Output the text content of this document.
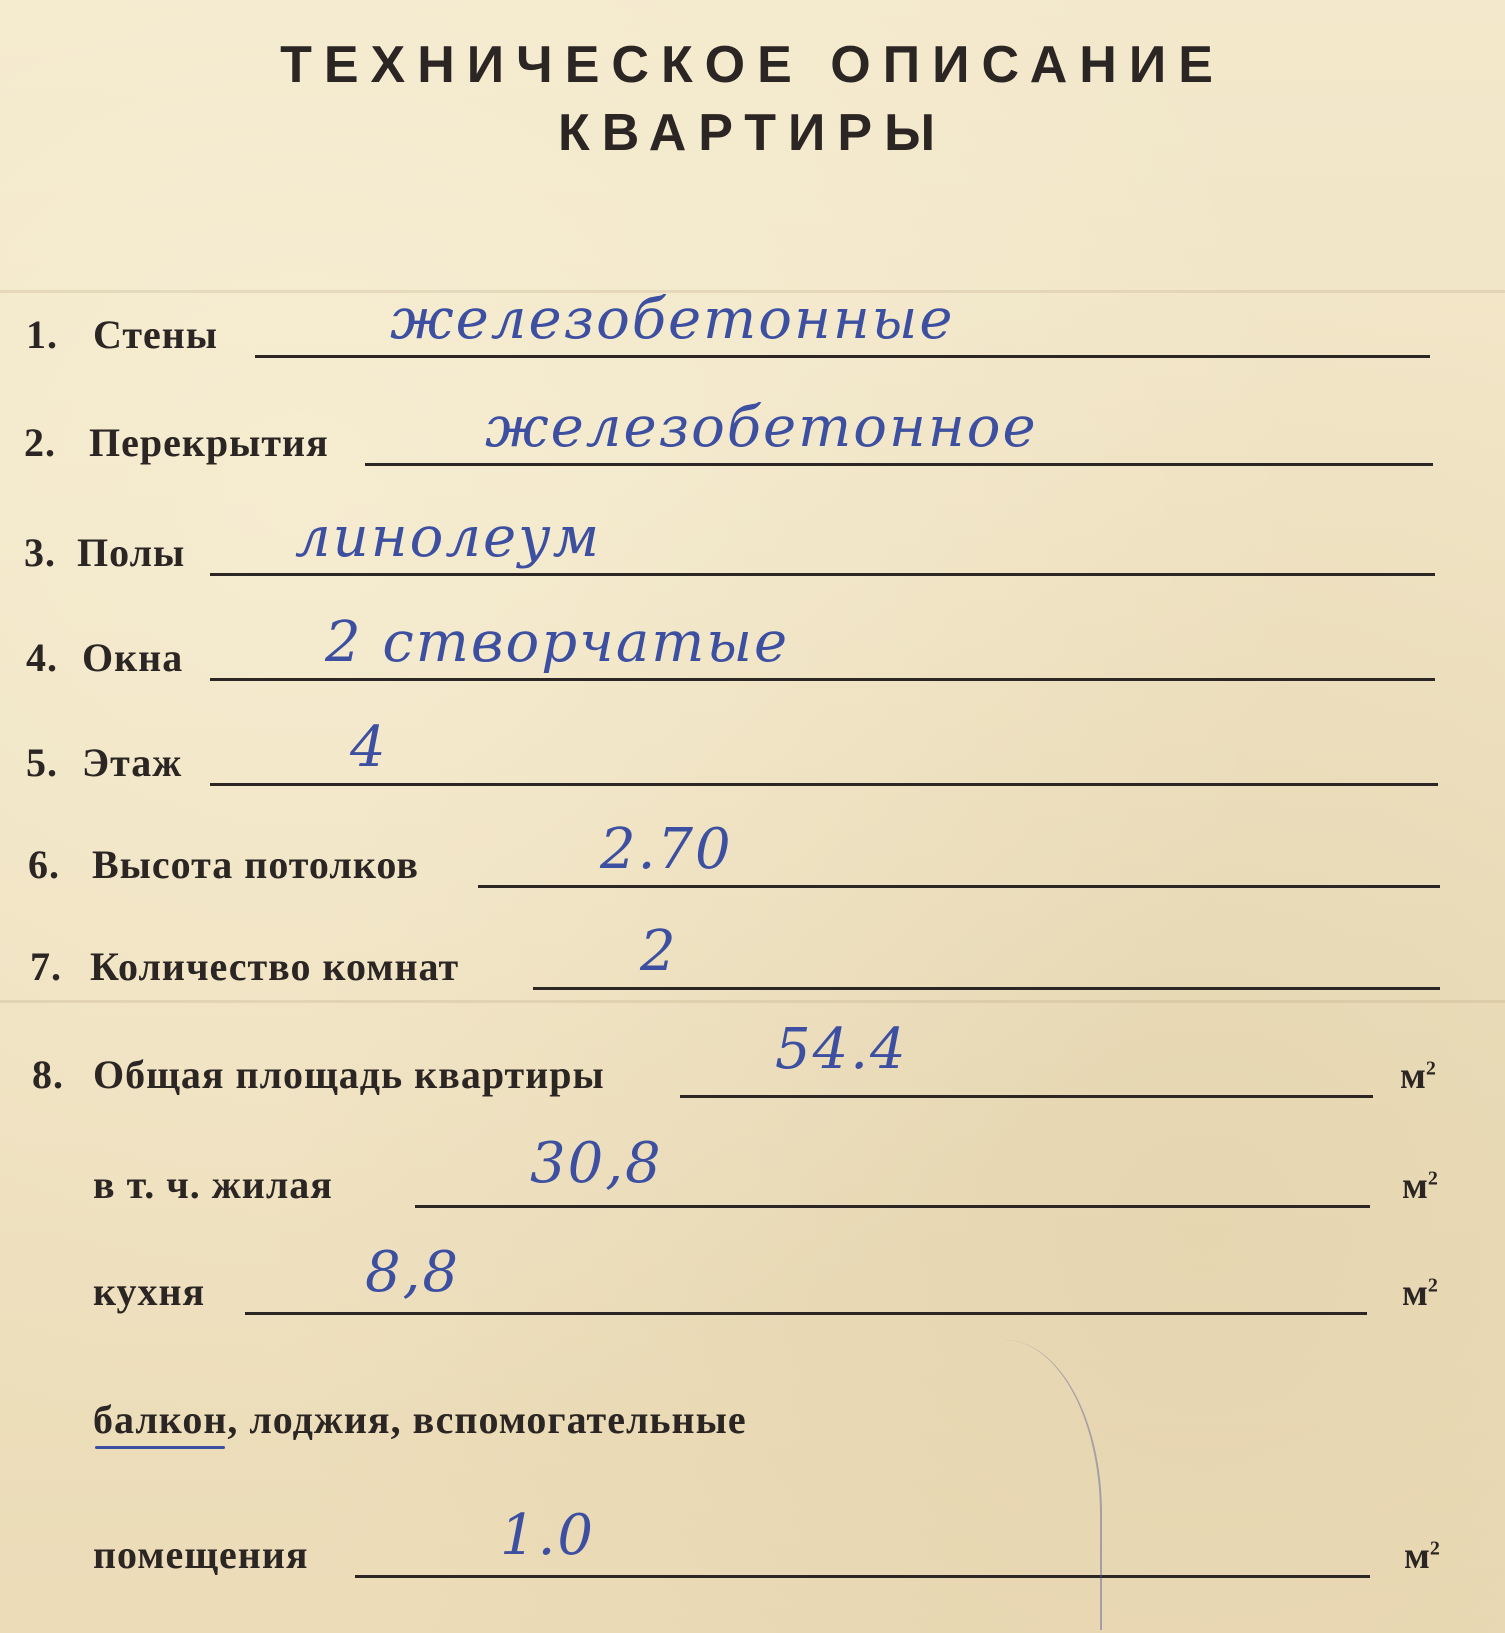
ТЕХНИЧЕСКОЕ ОПИСАНИЕ
КВАРТИРЫ
1. Стены	железобетонные
2. Перекрытия	железобетонное
3. Полы линолеум
4. Окна	2 створчатые
5. Этаж	4
6. Высота потолков	2.70
7. Количество комнат	2
8. Общая площадь квартиры	54.4	$м^2$
в т. ч. жилая	30,8	$м^2$
кухня	8,8	$м^2$
балкон, лоджия, вспомогательные
помещения	1.0	$м^2$
